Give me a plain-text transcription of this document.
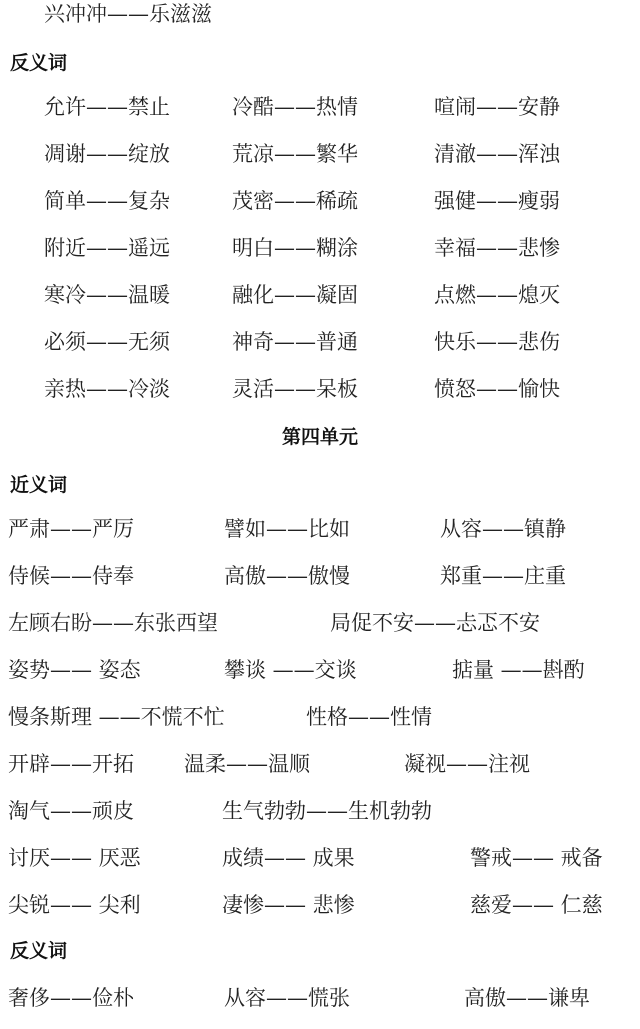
兴冲冲——乐滋滋
反义词
允许——禁止	冷酷——热情	喧闹——安静
凋谢——绽放	荒凉——繁华	清澈——浑浊
简单——复杂	茂密——稀疏	强健——瘦弱
附近——遥远	明白——糊涂	幸福——悲惨
寒冷——温暖	融化——凝固	点燃——熄灭
必须——无须	神奇——普通	快乐——悲伤
亲热——冷淡	灵活——呆板	愤怒——愉快
第四单元
近义词
严肃——严厉	譬如——比如	从容——镇静
侍候——侍奉	高傲——傲慢	郑重——庄重
左顾右盼——东张西望	局促不安——忐忑不安
姿势—— 姿态	攀谈 ——交谈	掂量 ——斟酌
慢条斯理 ——不慌不忙	性格——性情
开辟——开拓 温柔——温顺	凝视——注视
淘气——顽皮	生气勃勃——生机勃勃
讨厌—— 厌恶	成绩—— 成果	警戒—— 戒备
尖锐—— 尖利	凄惨—— 悲惨	慈爱—— 仁慈
反义词
奢侈——俭朴	从容——慌张	高傲——谦卑
